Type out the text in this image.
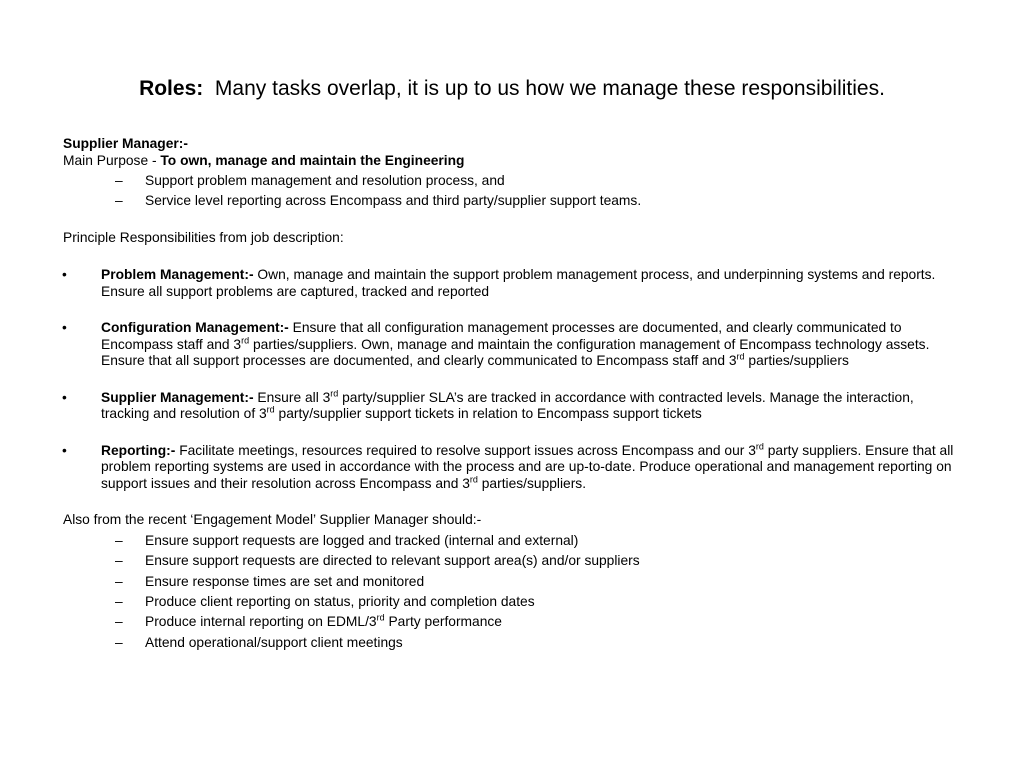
Roles: Many tasks overlap, it is up to us how we manage these responsibilities.

Supplier Manager:-

Main Purpose - To own, manage and maintain the Engineering

– Support problem management and resolution process, and
– Service level reporting across Encompass and third party/supplier support teams.

Principle Responsibilities from job description:

• Problem Management:- Own, manage and maintain the support problem management process, and underpinning systems and reports. Ensure all support problems are captured, tracked and reported
• Configuration Management:- Ensure that all configuration management processes are documented, and clearly communicated to Encompass staff and 3rd parties/suppliers. Own, manage and maintain the configuration management of Encompass technology assets. Ensure that all support processes are documented, and clearly communicated to Encompass staff and 3rd parties/suppliers
• Supplier Management:- Ensure all 3rd party/supplier SLA’s are tracked in accordance with contracted levels. Manage the interaction, tracking and resolution of 3rd party/supplier support tickets in relation to Encompass support tickets
• Reporting:- Facilitate meetings, resources required to resolve support issues across Encompass and our 3rd party suppliers. Ensure that all problem reporting systems are used in accordance with the process and are up-to-date. Produce operational and management reporting on support issues and their resolution across Encompass and 3rd parties/suppliers.

Also from the recent ‘Engagement Model’ Supplier Manager should:-

– Ensure support requests are logged and tracked (internal and external)
– Ensure support requests are directed to relevant support area(s) and/or suppliers
– Ensure response times are set and monitored
– Produce client reporting on status, priority and completion dates
– Produce internal reporting on EDML/3rd Party performance
– Attend operational/support client meetings
